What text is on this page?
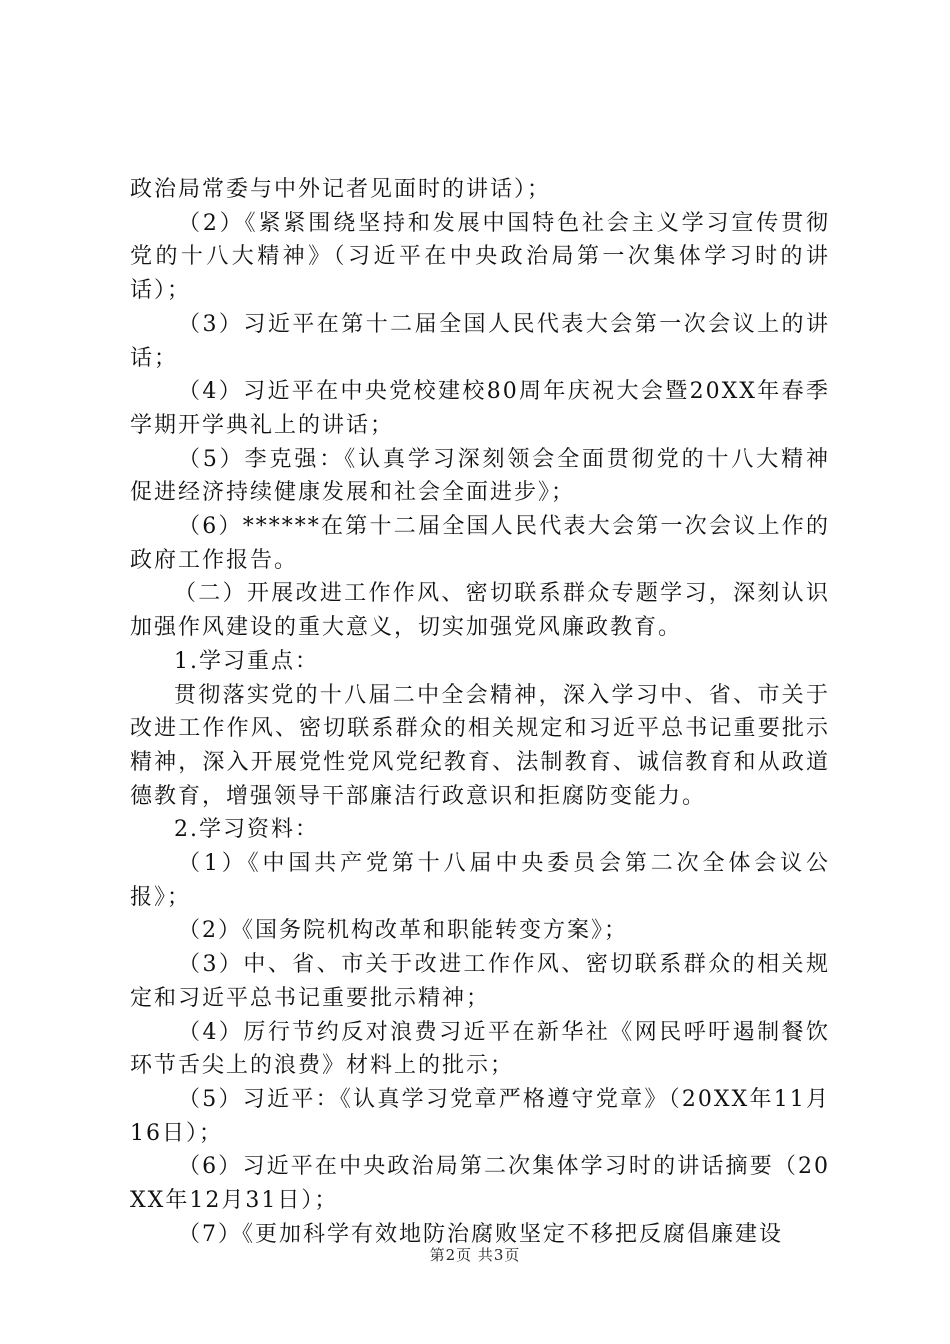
政治局常委与中外记者见面时的讲话）；

（2）《紧紧围绕坚持和发展中国特色社会主义学习宣传贯彻党的十八大精神》（习近平在中央政治局第一次集体学习时的讲话）；

（3）习近平在第十二届全国人民代表大会第一次会议上的讲话；

（4）习近平在中央党校建校80周年庆祝大会暨20XX年春季学期开学典礼上的讲话；

（5）李克强：《认真学习深刻领会全面贯彻党的十八大精神促进经济持续健康发展和社会全面进步》；

（6）******在第十二届全国人民代表大会第一次会议上作的政府工作报告。

（二）开展改进工作作风、密切联系群众专题学习，深刻认识加强作风建设的重大意义，切实加强党风廉政教育。

1.学习重点：

贯彻落实党的十八届二中全会精神，深入学习中、省、市关于改进工作作风、密切联系群众的相关规定和习近平总书记重要批示精神，深入开展党性党风党纪教育、法制教育、诚信教育和从政道德教育，增强领导干部廉洁行政意识和拒腐防变能力。

2.学习资料：

（1）《中国共产党第十八届中央委员会第二次全体会议公报》；

（2）《国务院机构改革和职能转变方案》；

（3）中、省、市关于改进工作作风、密切联系群众的相关规定和习近平总书记重要批示精神；

（4）厉行节约反对浪费习近平在新华社《网民呼吁遏制餐饮环节舌尖上的浪费》材料上的批示；

（5）习近平：《认真学习党章严格遵守党章》（20XX年11月16日）；

（6）习近平在中央政治局第二次集体学习时的讲话摘要（20XX年12月31日）；

（7）《更加科学有效地防治腐败坚定不移把反腐倡廉建设

第2页 共3页
